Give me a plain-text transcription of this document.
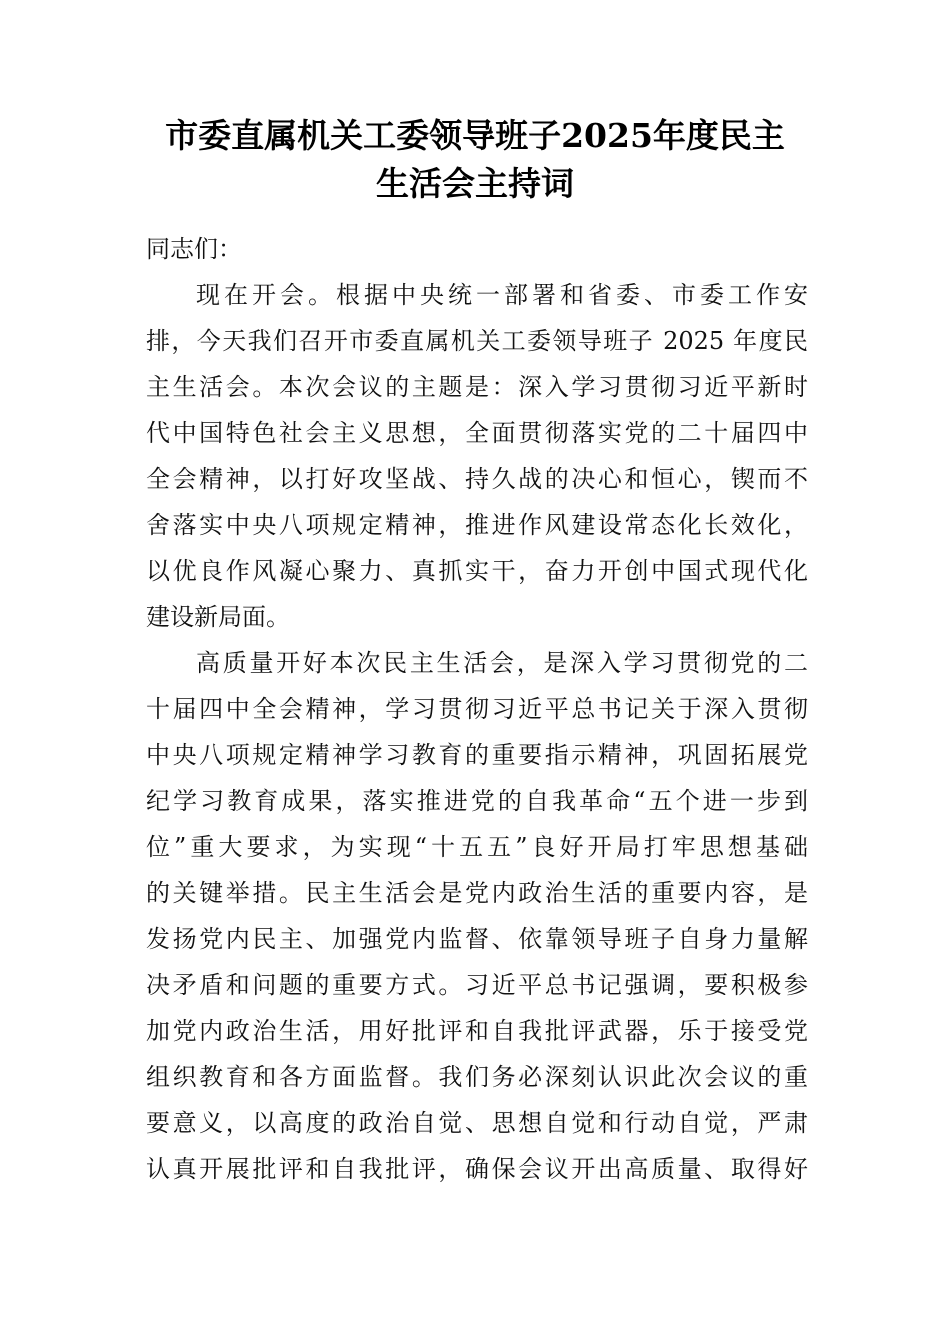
市委直属机关工委领导班子2025年度民主
生活会主持词
同志们：
现在开会。根据中央统一部署和省委、市委工作安
排，今天我们召开市委直属机关工委领导班子 2025 年度民
主生活会。本次会议的主题是：深入学习贯彻习近平新时
代中国特色社会主义思想，全面贯彻落实党的二十届四中
全会精神，以打好攻坚战、持久战的决心和恒心，锲而不
舍落实中央八项规定精神，推进作风建设常态化长效化，
以优良作风凝心聚力、真抓实干，奋力开创中国式现代化
建设新局面。
高质量开好本次民主生活会，是深入学习贯彻党的二
十届四中全会精神，学习贯彻习近平总书记关于深入贯彻
中央八项规定精神学习教育的重要指示精神，巩固拓展党
纪学习教育成果，落实推进党的自我革命“五个进一步到
位”重大要求，为实现“十五五”良好开局打牢思想基础
的关键举措。民主生活会是党内政治生活的重要内容，是
发扬党内民主、加强党内监督、依靠领导班子自身力量解
决矛盾和问题的重要方式。习近平总书记强调，要积极参
加党内政治生活，用好批评和自我批评武器，乐于接受党
组织教育和各方面监督。我们务必深刻认识此次会议的重
要意义，以高度的政治自觉、思想自觉和行动自觉，严肃
认真开展批评和自我批评，确保会议开出高质量、取得好
